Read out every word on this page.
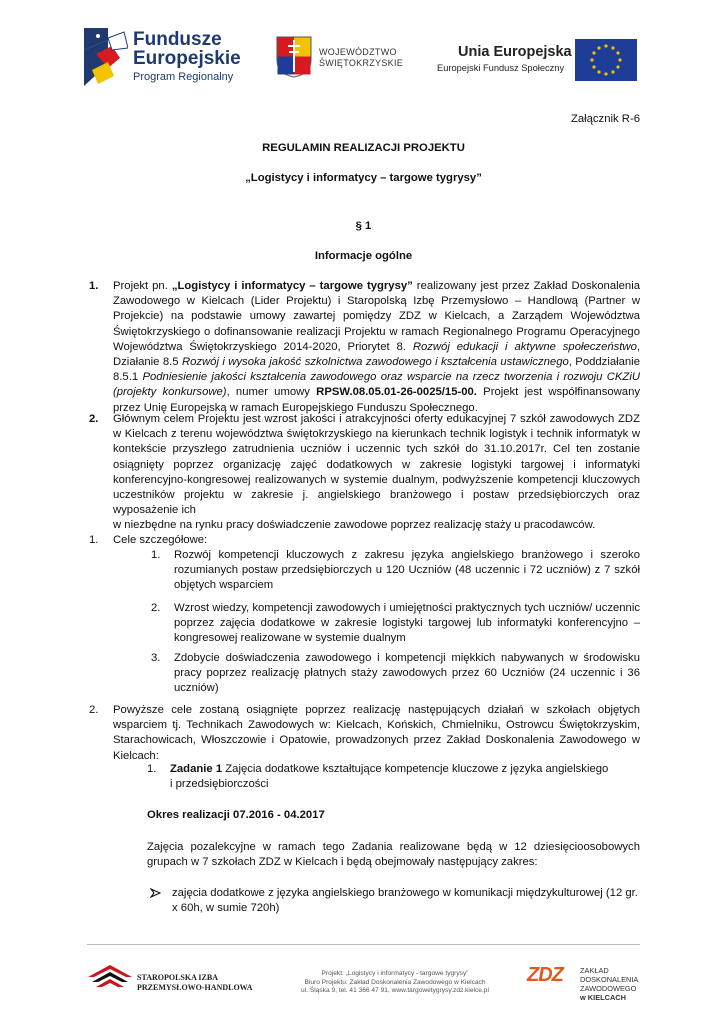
Fundusze
Europejskie
Program Regionalny
WOJEWÓDZTWO
ŚWIĘTOKRZYSKIE
Unia Europejska
Europejski Fundusz Społeczny
Załącznik R-6
REGULAMIN REALIZACJI PROJEKTU
„Logistycy i informatycy – targowe tygrysy”
§ 1
Informacje ogólne
1. Projekt pn. „Logistycy i informatycy – targowe tygrysy” realizowany jest przez Zakład Doskonalenia Zawodowego w Kielcach (Lider Projektu) i Staropolską Izbę Przemysłowo – Handlową (Partner w Projekcie) na podstawie umowy zawartej pomiędzy ZDZ w Kielcach, a Zarządem Województwa Świętokrzyskiego o dofinansowanie realizacji Projektu w ramach Regionalnego Programu Operacyjnego Województwa Świętokrzyskiego 2014-2020, Priorytet 8. Rozwój edukacji i aktywne społeczeństwo, Działanie 8.5 Rozwój i wysoka jakość szkolnictwa zawodowego i kształcenia ustawicznego, Poddziałanie 8.5.1 Podniesienie jakości kształcenia zawodowego oraz wsparcie na rzecz tworzenia i rozwoju CKZiU (projekty konkursowe), numer umowy RPSW.08.05.01-26-0025/15-00. Projekt jest współfinansowany przez Unię Europejską w ramach Europejskiego Funduszu Społecznego.
2. Głównym celem Projektu jest wzrost jakości i atrakcyjności oferty edukacyjnej 7 szkół zawodowych ZDZ w Kielcach z terenu województwa świętokrzyskiego na kierunkach technik logistyk i technik informatyk w kontekście przyszłego zatrudnienia uczniów i uczennic tych szkół do 31.10.2017r. Cel ten zostanie osiągnięty poprzez organizację zajęć dodatkowych w zakresie logistyki targowej i informatyki konferencyjno-kongresowej realizowanych w systemie dualnym, podwyższenie kompetencji kluczowych uczestników projektu w zakresie j. angielskiego branżowego i postaw przedsiębiorczych oraz wyposażenie ich
w niezbędne na rynku pracy doświadczenie zawodowe poprzez realizację staży u pracodawców.
1. Cele szczegółowe:
1. Rozwój kompetencji kluczowych z zakresu języka angielskiego branżowego i szeroko rozumianych postaw przedsiębiorczych u 120 Uczniów (48 uczennic i 72 uczniów) z 7 szkół objętych wsparciem
2. Wzrost wiedzy, kompetencji zawodowych i umiejętności praktycznych tych uczniów/ uczennic poprzez zajęcia dodatkowe w zakresie logistyki targowej lub informatyki konferencyjno – kongresowej realizowane w systemie dualnym
3. Zdobycie doświadczenia zawodowego i kompetencji miękkich nabywanych w środowisku pracy poprzez realizację płatnych staży zawodowych przez 60 Uczniów (24 uczennic i 36 uczniów)
2. Powyższe cele zostaną osiągnięte poprzez realizację następujących działań w szkołach objętych wsparciem tj. Technikach Zawodowych w: Kielcach, Końskich, Chmielniku, Ostrowcu Świętokrzyskim, Starachowicach, Włoszczowie i Opatowie, prowadzonych przez Zakład Doskonalenia Zawodowego w Kielcach:
1. Zadanie 1 Zajęcia dodatkowe kształtujące kompetencje kluczowe z języka angielskiego i przedsiębiorczości
Okres realizacji 07.2016 - 04.2017
Zajęcia pozalekcyjne w ramach tego Zadania realizowane będą w 12 dziesięcioosobowych grupach w 7 szkołach ZDZ w Kielcach i będą obejmowały następujący zakres:
zajęcia dodatkowe z języka angielskiego branżowego w komunikacji międzykulturowej (12 gr. x 60h, w sumie 720h)
STAROPOLSKA IZBA
PRZEMYSŁOWO-HANDLOWA
Projekt: „Logistycy i informatycy - targowe tygrysy”
Biuro Projektu: Zakład Doskonalenia Zawodowego w Kielcach
ul. Śląska 9, tel. 41 366 47 91, www.targowetygrysy.zdz.kielce.pl
ZDZ ZAKŁAD
DOSKONALENIA
ZAWODOWEGO
w KIELCACH
